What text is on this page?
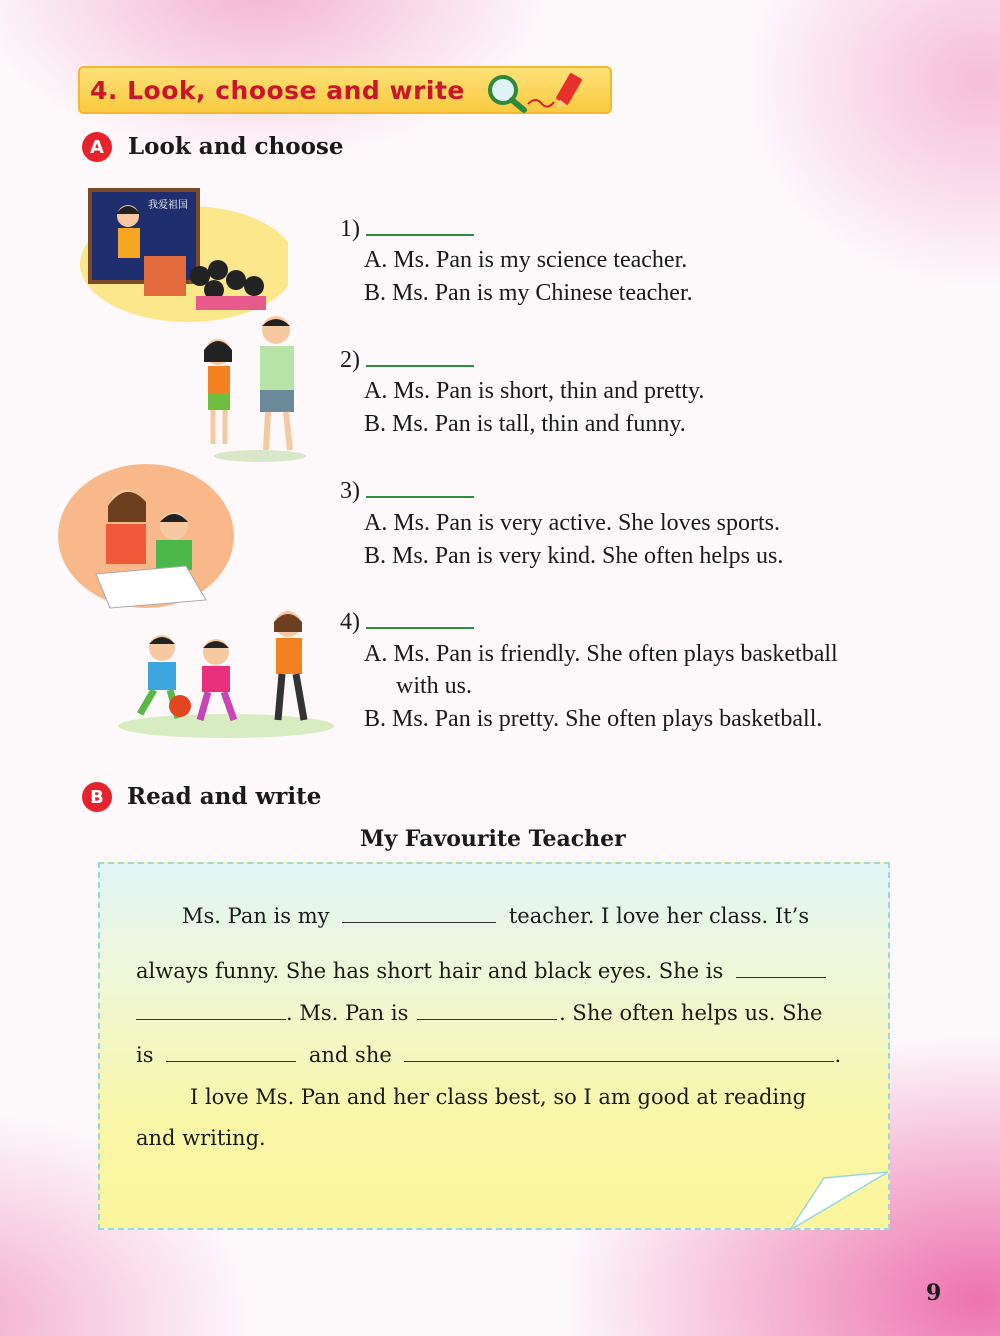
4. Look, choose and write
A	Look and choose
我爱祖国
1)
A. Ms. Pan is my science teacher.
B. Ms. Pan is my Chinese teacher.
2)
A. Ms. Pan is short, thin and pretty.
B. Ms. Pan is tall, thin and funny.
3)
A. Ms. Pan is very active. She loves sports.
B. Ms. Pan is very kind. She often helps us.
4)
A. Ms. Pan is friendly. She often plays basketball
with us.
B. Ms. Pan is pretty. She often plays basketball.
B	Read and write
My Favourite Teacher
Ms. Pan is my	teacher. I love her class. It’s
always funny. She has short hair and black eyes. She is
. Ms. Pan is	. She often helps us. She
is	and she	.
I love Ms. Pan and her class best, so I am good at reading
and writing.
9
